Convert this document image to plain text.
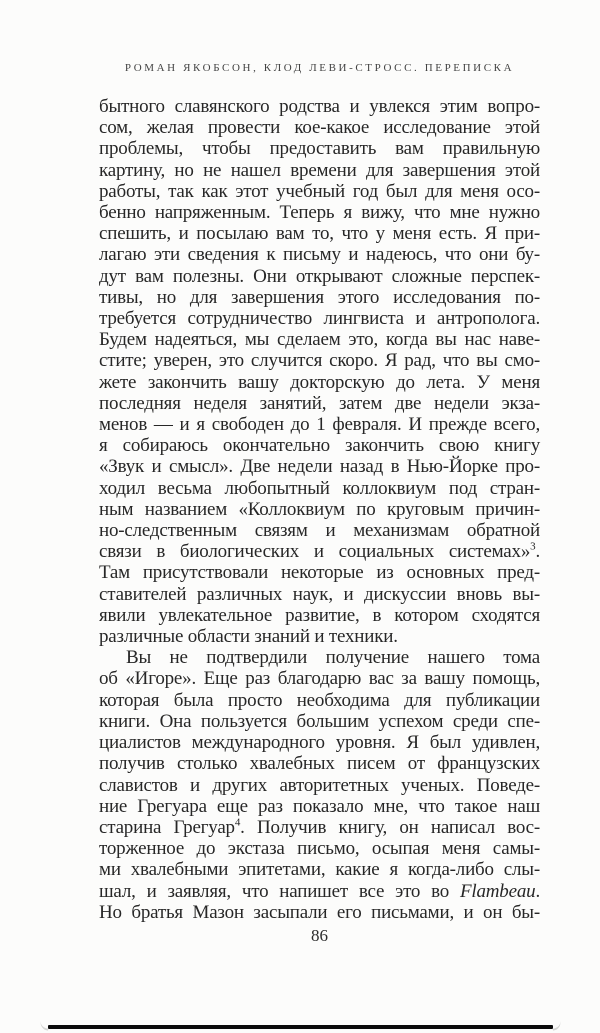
РОМАН ЯКОБСОН, КЛОД ЛЕВИ-СТРОСС. ПЕРЕПИСКА
бытного славянского родства и увлекся этим вопро-
сом, желая провести кое-какое исследование этой
проблемы, чтобы предоставить вам правильную
картину, но не нашел времени для завершения этой
работы, так как этот учебный год был для меня осо-
бенно напряженным. Теперь я вижу, что мне нужно
спешить, и посылаю вам то, что у меня есть. Я при-
лагаю эти сведения к письму и надеюсь, что они бу-
дут вам полезны. Они открывают сложные перспек-
тивы, но для завершения этого исследования по-
требуется сотрудничество лингвиста и антрополога.
Будем надеяться, мы сделаем это, когда вы нас наве-
стите; уверен, это случится скоро. Я рад, что вы смо-
жете закончить вашу докторскую до лета. У меня
последняя неделя занятий, затем две недели экза-
менов — и я свободен до 1 февраля. И прежде всего,
я собираюсь окончательно закончить свою книгу
«Звук и смысл». Две недели назад в Нью-Йорке про-
ходил весьма любопытный коллоквиум под стран-
ным названием «Коллоквиум по круговым причин-
но-следственным связям и механизмам обратной
связи в биологических и социальных системах»$^3$.
Там присутствовали некоторые из основных пред-
ставителей различных наук, и дискуссии вновь вы-
явили увлекательное развитие, в котором сходятся
различные области знаний и техники.
Вы не подтвердили получение нашего тома
об «Игоре». Еще раз благодарю вас за вашу помощь,
которая была просто необходима для публикации
книги. Она пользуется большим успехом среди спе-
циалистов международного уровня. Я был удивлен,
получив столько хвалебных писем от французских
славистов и других авторитетных ученых. Поведе-
ние Грегуара еще раз показало мне, что такое наш
старина Грегуар$^4$. Получив книгу, он написал вос-
торженное до экстаза письмо, осыпая меня самы-
ми хвалебными эпитетами, какие я когда-либо слы-
шал, и заявляя, что напишет все это во Flambeau.
Но братья Мазон засыпали его письмами, и он бы-
86
